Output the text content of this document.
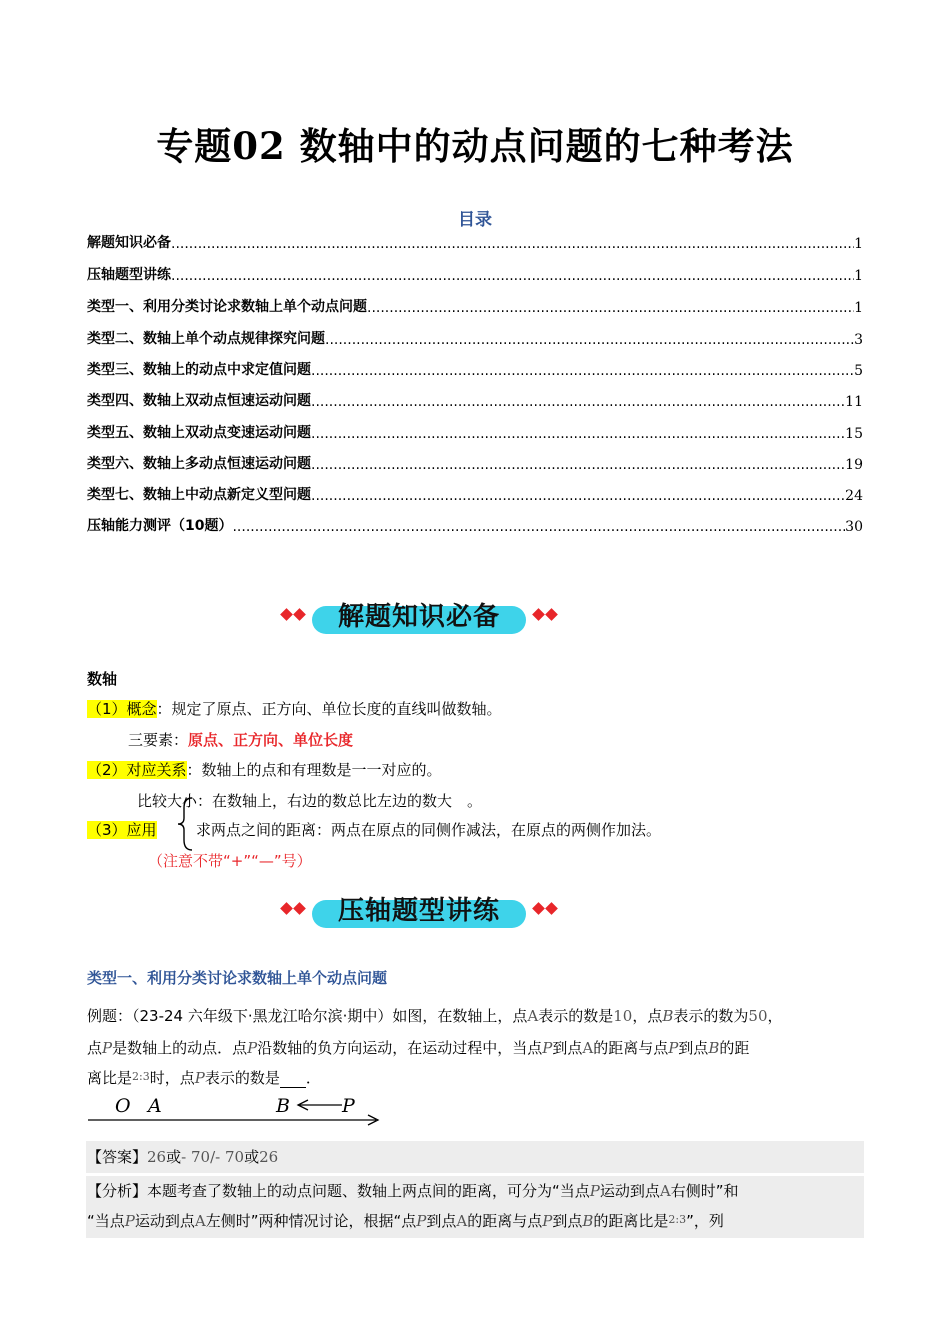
专题02 数轴中的动点问题的七种考法
目录
解题知识必备 .....	1
压轴题型讲练 .....	1
类型一、利用分类讨论求数轴上单个动点问题 .....	1
类型二、数轴上单个动点规律探究问题 .....	3
类型三、数轴上的动点中求定值问题 .....	5
类型四、数轴上双动点恒速运动问题 .....	11
类型五、数轴上双动点变速运动问题 .....	15
类型六、数轴上多动点恒速运动问题 .....	19
类型七、数轴上中动点新定义型问题 .....	24
压轴能力测评（10题） .....	30
解题知识必备
数轴
（1）概念：规定了原点、正方向、单位长度的直线叫做数轴。
三要素：原点、正方向、单位长度
（2）对应关系：数轴上的点和有理数是一一对应的。
比较大小：在数轴上，右边的数总比左边的数大　。
（3）应用	求两点之间的距离：两点在原点的同侧作减法，在原点的两侧作加法。
（注意不带“+”“—”号）
压轴题型讲练
类型一、利用分类讨论求数轴上单个动点问题
例题：（23-24 六年级下·黑龙江哈尔滨·期中）如图，在数轴上，点A表示的数是10，点B表示的数为50，
点P是数轴上的动点．点P沿数轴的负方向运动，在运动过程中，当点P到点A的距离与点P到点B的距
离比是$^{2:3}$时，点P表示的数是 ．
O A	B	P
【答案】26或- 70/- 70或26
【分析】本题考查了数轴上的动点问题、数轴上两点间的距离，可分为“当点P运动到点A右侧时”和
“当点P运动到点A左侧时”两种情况讨论，根据“点P到点A的距离与点P到点B的距离比是$^{2:3}$”，列
